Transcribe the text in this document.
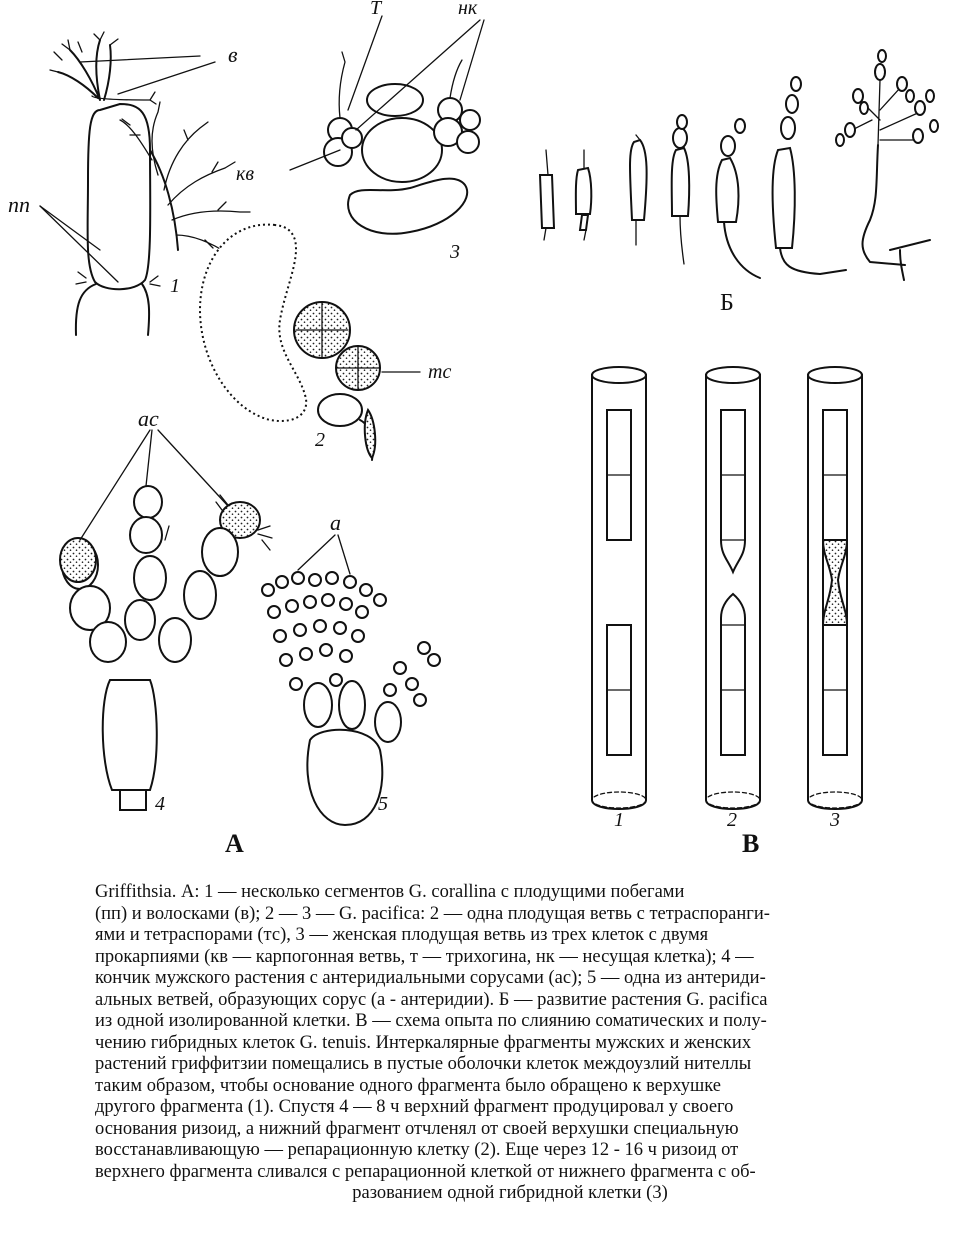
в
пп
1
Т	нк
кв
3
тс
2
ас
4
а
5
А
Б
1	2	3
В

Griffithsia. А: 1 — несколько сегментов G. corallina с плодущими побегами

(пп) и волосками (в); 2 — 3 — G. pacifica: 2 — одна плодущая ветвь с тетраспоранги-

ями и тетраспорами (тс), 3 — женская плодущая ветвь из трех клеток с двумя

прокарпиями (кв — карпогонная ветвь, т — трихогина, нк — несущая клетка); 4 —

кончик мужского растения с антеридиальными сорусами (ас); 5 — одна из антериди-

альных ветвей, образующих сорус (а - антеридии). Б — развитие растения G. pacifica

из одной изолированной клетки. В — схема опыта по слиянию соматических и полу-

чению гибридных клеток G. tenuis. Интеркалярные фрагменты мужских и женских

растений гриффитзии помещались в пустые оболочки клеток междоузлий нителлы

таким образом, чтобы основание одного фрагмента было обращено к верхушке

другого фрагмента (1). Спустя 4 — 8 ч верхний фрагмент продуцировал у своего

основания ризоид, а нижний фрагмент отчленял от своей верхушки специальную

восстанавливающую — репарационную клетку (2). Еще через 12 - 16 ч ризоид от

верхнего фрагмента сливался с репарационной клеткой от нижнего фрагмента с об-

разованием одной гибридной клетки (3)
